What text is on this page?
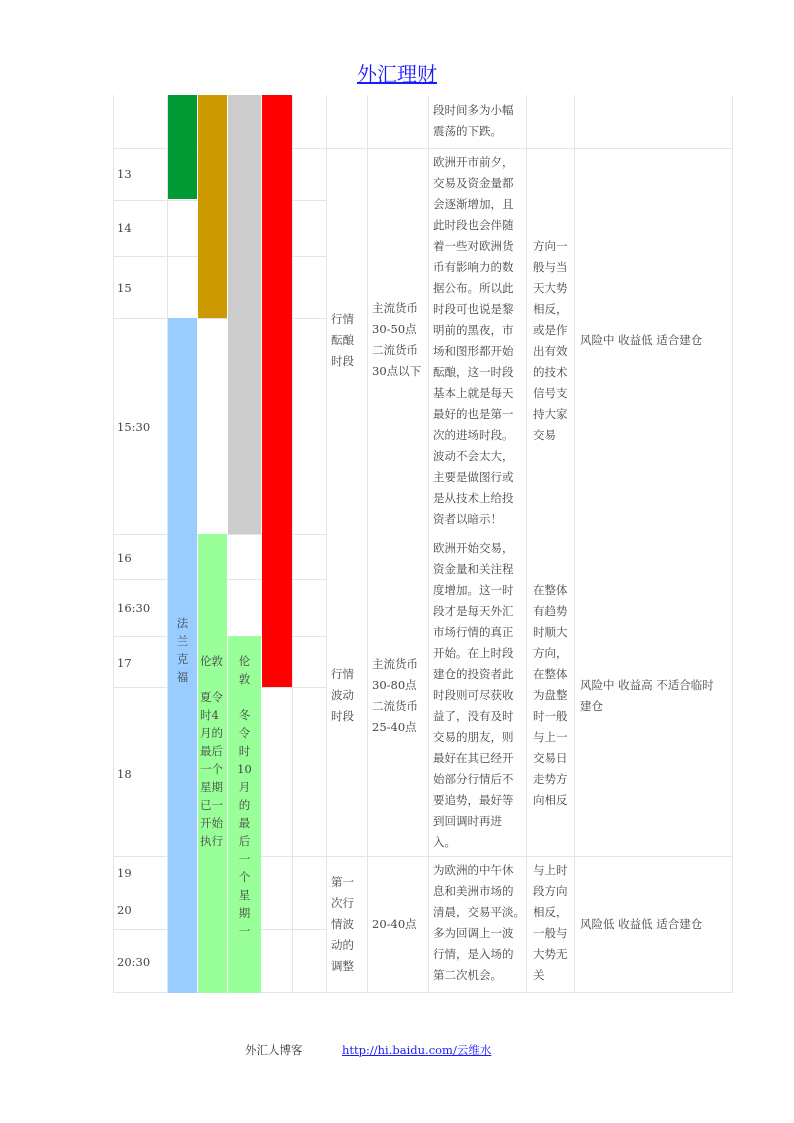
外汇理财
法
兰
克
福
伦敦

夏令
时4
月的
最后
一个
星期
已一
开始
执行
伦
敦

冬
令
时
10
月
的
最
后
一
个
星
期
一
13
14
15
15:30
16
16:30
17
18
19
20
20:30
段时间多为小幅
震荡的下跌。
行情
酝酿
时段
主流货币
30-50点
二流货币
30点以下
欧洲开市前夕，
交易及资金量都
会逐渐增加，且
此时段也会伴随
着一些对欧洲货
币有影响力的数
据公布。所以此
时段可也说是黎
明前的黑夜，市
场和图形都开始
酝酿，这一时段
基本上就是每天
最好的也是第一
次的进场时段。
波动不会太大，
主要是做图行或
是从技术上给投
资者以暗示！
方向一
般与当
天大势
相反，
或是作
出有效
的技术
信号支
持大家
交易
风险中 收益低 适合建仓
行情
波动
时段
主流货币
30-80点
二流货币
25-40点
欧洲开始交易，
资金量和关注程
度增加。这一时
段才是每天外汇
市场行情的真正
开始。在上时段
建仓的投资者此
时段则可尽获收
益了，没有及时
交易的朋友，则
最好在其已经开
始部分行情后不
要追势，最好等
到回调时再进
入。
在整体
有趋势
时顺大
方向，
在整体
为盘整
时一般
与上一
交易日
走势方
向相反
风险中 收益高 不适合临时
建仓
第一
次行
情波
动的
调整
20-40点
为欧洲的中午休
息和美洲市场的
清晨，交易平淡。
多为回调上一波
行情，是入场的
第二次机会。
与上时
段方向
相反，
一般与
大势无
关
风险低 收益低 适合建仓
外汇人博客	http://hi.baidu.com/云维水
